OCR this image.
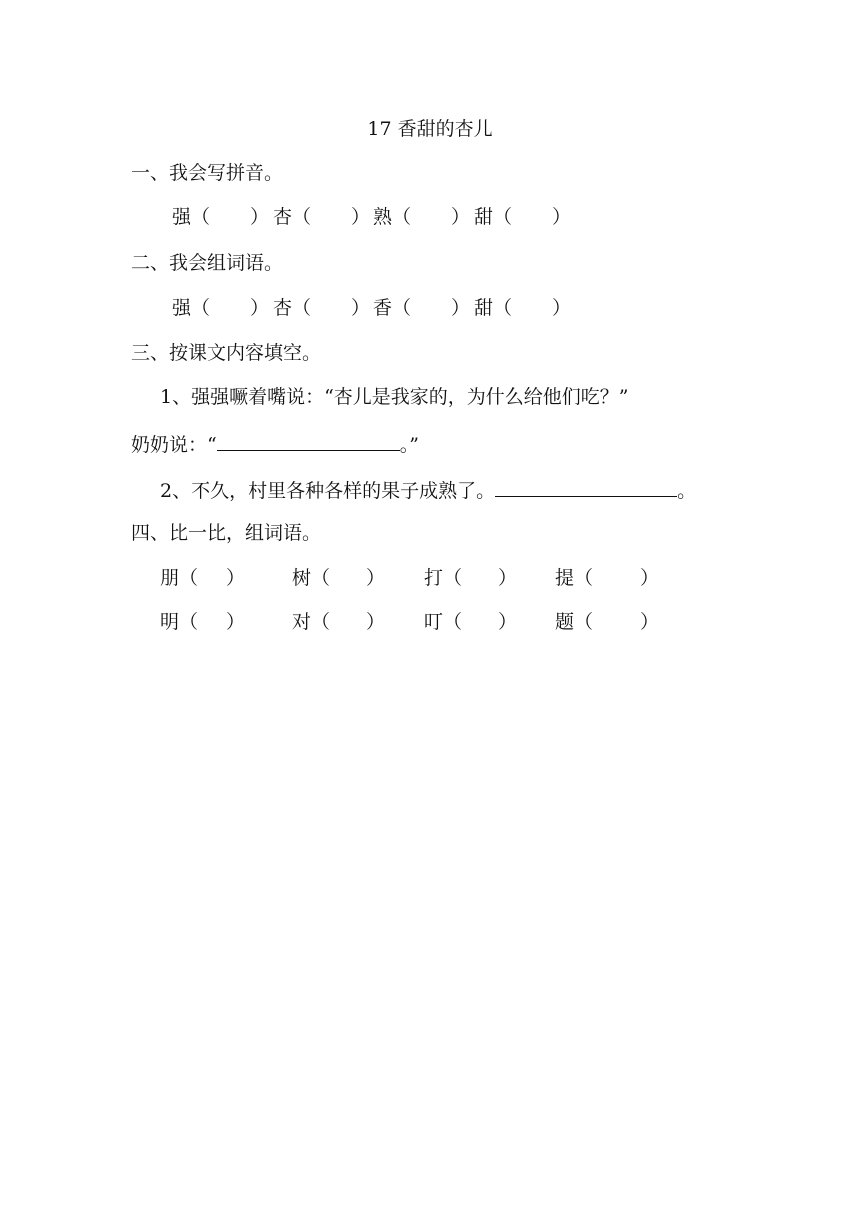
17 香甜的杏儿
一、我会写拼音。
强（ ） 杏（ ） 熟（ ） 甜（ ）
二、我会组词语。
强（ ） 杏（ ） 香（ ） 甜（ ）
三、按课文内容填空。
1、强强噘着嘴说：“杏儿是我家的，为什么给他们吃？”
奶奶说：“	。”
2、不久，村里各种各样的果子成熟了。	。
四、比一比，组词语。
朋（ ） 树（ ） 打（ ） 提（ ）
明（ ） 对（ ） 叮（ ） 题（ ）
